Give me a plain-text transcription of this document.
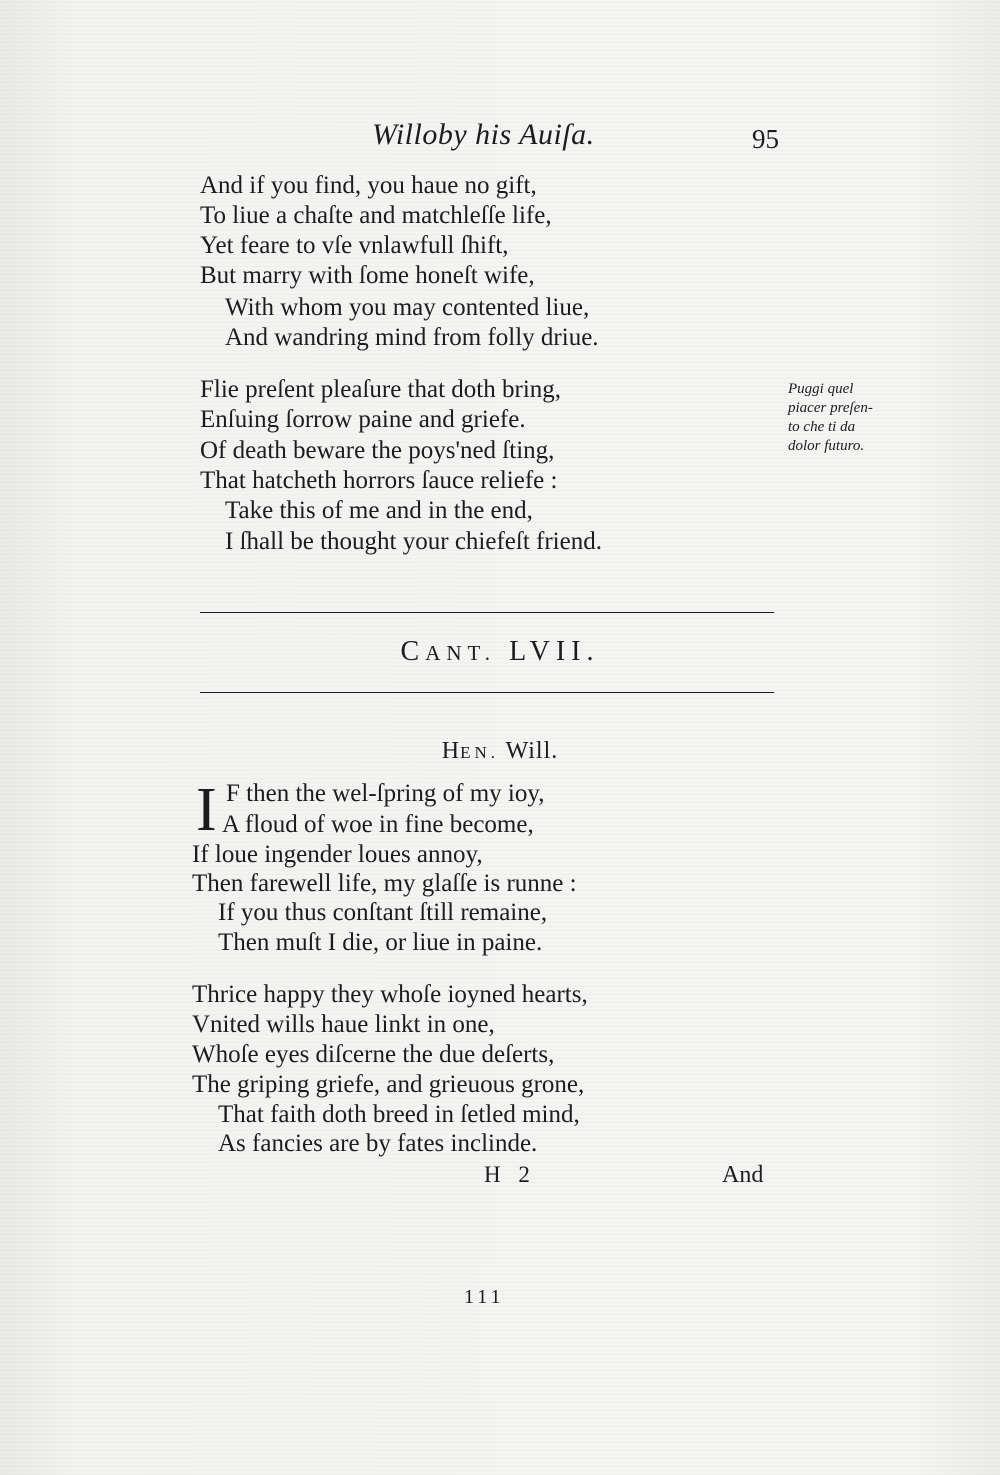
Willoby his Auiſa.	95
And if you find, you haue no gift,
To liue a chaſte and matchleſſe life,
Yet feare to vſe vnlawfull ſhift,
But marry with ſome honeſt wife,
With whom you may contented liue,
And wandring mind from folly driue.
Flie preſent pleaſure that doth bring,
Enſuing ſorrow paine and griefe.
Of death beware the poys'ned ſting,
That hatcheth horrors ſauce reliefe :
Take this of me and in the end,
I ſhall be thought your chiefeſt friend.
Puggi quel
piacer preſen-
to che ti da
dolor futuro.
CANT. LVII.
HEN. Will.
I F then the wel-ſpring of my ioy,
A floud of woe in fine become,
If loue ingender loues annoy,
Then farewell life, my glaſſe is runne :
If you thus conſtant ſtill remaine,
Then muſt I die, or liue in paine.
Thrice happy they whoſe ioyned hearts,
Vnited wills haue linkt in one,
Whoſe eyes diſcerne the due deſerts,
The griping griefe, and grieuous grone,
That faith doth breed in ſetled mind,
As fancies are by fates inclinde.
H 2	And
111
